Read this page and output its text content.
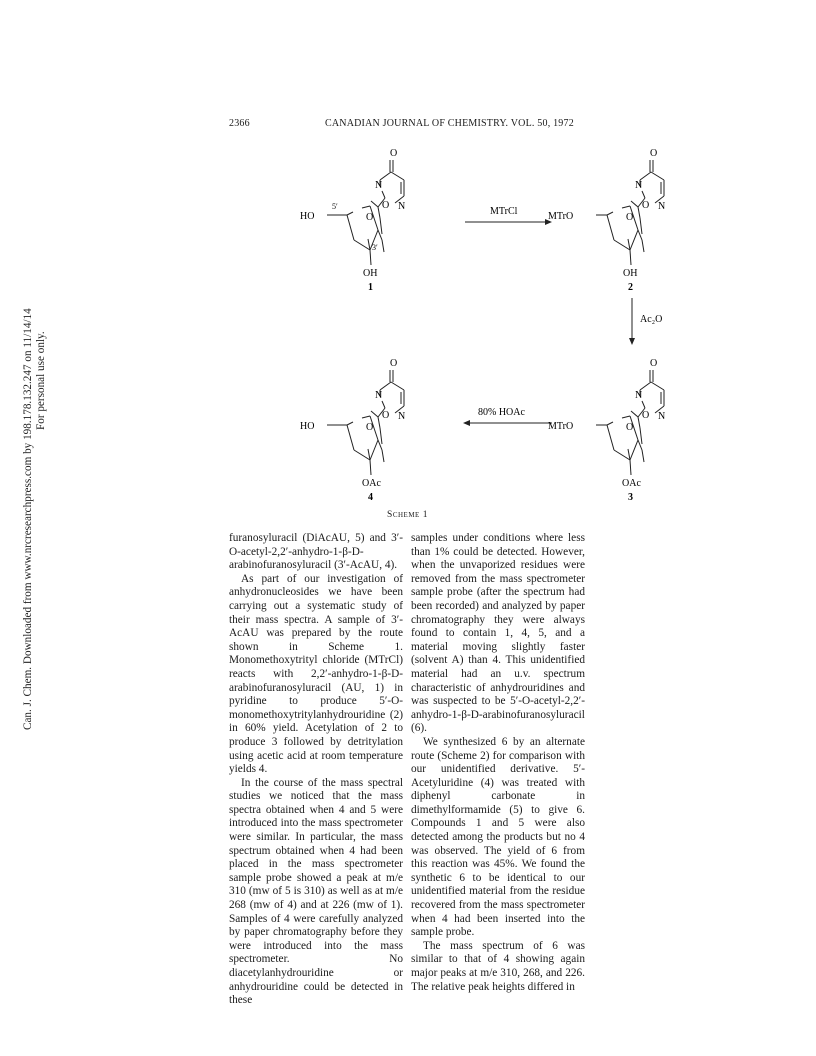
Can. J. Chem. Downloaded from www.nrcresearchpress.com by 198.178.132.247 on 11/14/14 For personal use only.
2366	CANADIAN JOURNAL OF CHEMISTRY. VOL. 50, 1972
O
N
O N
O
HO
5′
3′
OH
1
MTrCl
O
N
O N
O
MTrO
OH
2
Ac₂O
O
N
O N
O
HO
OAc
4
80% HOAc
O
N
O N
O
MTrO
OAc
3
Scheme 1

furanosyluracil (DiAcAU, 5) and 3′-O-acetyl-2,2′-anhydro-1-β-D-arabinofuranosyluracil (3′-AcAU, 4).

As part of our investigation of anhydronucleosides we have been carrying out a systematic study of their mass spectra. A sample of 3′-AcAU was prepared by the route shown in Scheme 1. Monomethoxytrityl chloride (MTrCl) reacts with 2,2′-anhydro-1-β-D-arabinofuranosyluracil (AU, 1) in pyridine to produce 5′-O-monomethoxytritylanhydrouridine (2) in 60% yield. Acetylation of 2 to produce 3 followed by detritylation using acetic acid at room temperature yields 4.

In the course of the mass spectral studies we noticed that the mass spectra obtained when 4 and 5 were introduced into the mass spectrometer were similar. In particular, the mass spectrum obtained when 4 had been placed in the mass spectrometer sample probe showed a peak at m/e 310 (mw of 5 is 310) as well as at m/e 268 (mw of 4) and at 226 (mw of 1). Samples of 4 were carefully analyzed by paper chromatography before they were introduced into the mass spectrometer. No diacetylanhydrouridine or anhydrouridine could be detected in these

samples under conditions where less than 1% could be detected. However, when the unvaporized residues were removed from the mass spectrometer sample probe (after the spectrum had been recorded) and analyzed by paper chromatography they were always found to contain 1, 4, 5, and a material moving slightly faster (solvent A) than 4. This unidentified material had an u.v. spectrum characteristic of anhydrouridines and was suspected to be 5′-O-acetyl-2,2′-anhydro-1-β-D-arabinofuranosyluracil (6).

We synthesized 6 by an alternate route (Scheme 2) for comparison with our unidentified derivative. 5′-Acetyluridine (4) was treated with diphenyl carbonate in dimethylformamide (5) to give 6. Compounds 1 and 5 were also detected among the products but no 4 was observed. The yield of 6 from this reaction was 45%. We found the synthetic 6 to be identical to our unidentified material from the residue recovered from the mass spectrometer when 4 had been inserted into the sample probe.

The mass spectrum of 6 was similar to that of 4 showing again major peaks at m/e 310, 268, and 226. The relative peak heights differed in
